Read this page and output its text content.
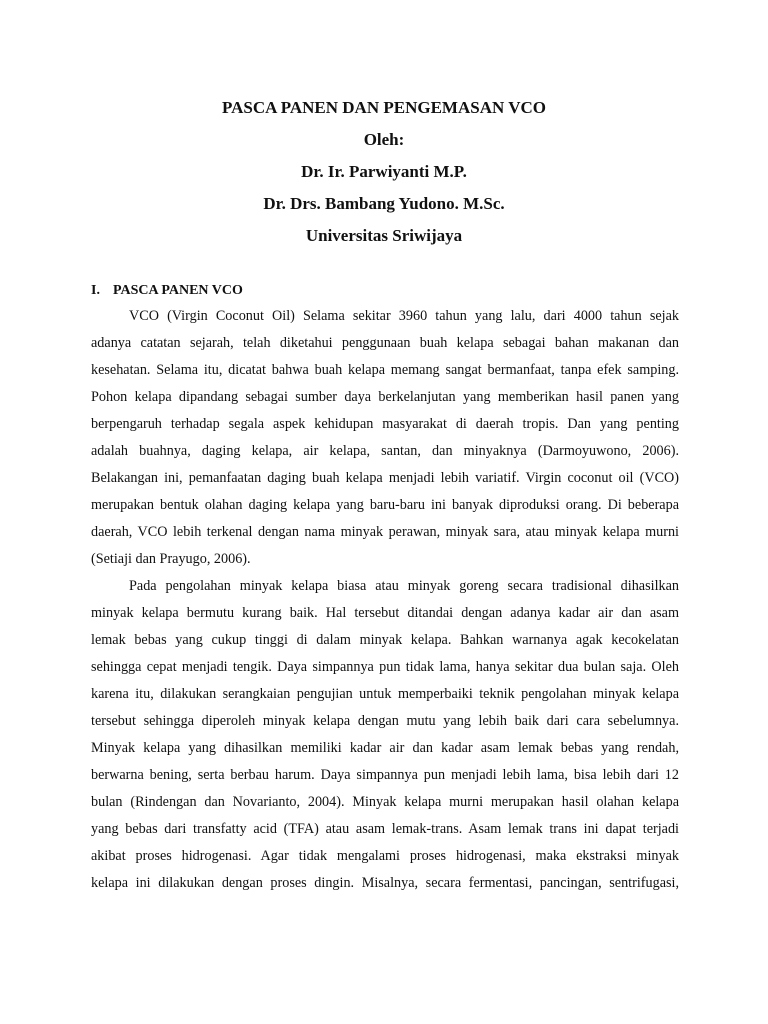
PASCA PANEN DAN PENGEMASAN VCO
Oleh:
Dr. Ir. Parwiyanti M.P.
Dr. Drs. Bambang Yudono. M.Sc.
Universitas Sriwijaya
I. PASCA PANEN VCO
VCO (Virgin Coconut Oil) Selama sekitar 3960 tahun yang lalu, dari 4000 tahun sejak
adanya catatan sejarah, telah diketahui penggunaan buah kelapa sebagai bahan makanan dan
kesehatan. Selama itu, dicatat bahwa buah kelapa memang sangat bermanfaat, tanpa efek samping.
Pohon kelapa dipandang sebagai sumber daya berkelanjutan yang memberikan hasil panen yang
berpengaruh terhadap segala aspek kehidupan masyarakat di daerah tropis. Dan yang penting
adalah buahnya, daging kelapa, air kelapa, santan, dan minyaknya (Darmoyuwono, 2006).
Belakangan ini, pemanfaatan daging buah kelapa menjadi lebih variatif. Virgin coconut oil (VCO)
merupakan bentuk olahan daging kelapa yang baru-baru ini banyak diproduksi orang. Di beberapa
daerah, VCO lebih terkenal dengan nama minyak perawan, minyak sara, atau minyak kelapa murni
(Setiaji dan Prayugo, 2006).
Pada pengolahan minyak kelapa biasa atau minyak goreng secara tradisional dihasilkan
minyak kelapa bermutu kurang baik. Hal tersebut ditandai dengan adanya kadar air dan asam
lemak bebas yang cukup tinggi di dalam minyak kelapa. Bahkan warnanya agak kecokelatan
sehingga cepat menjadi tengik. Daya simpannya pun tidak lama, hanya sekitar dua bulan saja. Oleh
karena itu, dilakukan serangkaian pengujian untuk memperbaiki teknik pengolahan minyak kelapa
tersebut sehingga diperoleh minyak kelapa dengan mutu yang lebih baik dari cara sebelumnya.
Minyak kelapa yang dihasilkan memiliki kadar air dan kadar asam lemak bebas yang rendah,
berwarna bening, serta berbau harum. Daya simpannya pun menjadi lebih lama, bisa lebih dari 12
bulan (Rindengan dan Novarianto, 2004). Minyak kelapa murni merupakan hasil olahan kelapa
yang bebas dari transfatty acid (TFA) atau asam lemak-trans. Asam lemak trans ini dapat terjadi
akibat proses hidrogenasi. Agar tidak mengalami proses hidrogenasi, maka ekstraksi minyak
kelapa ini dilakukan dengan proses dingin. Misalnya, secara fermentasi, pancingan, sentrifugasi,
